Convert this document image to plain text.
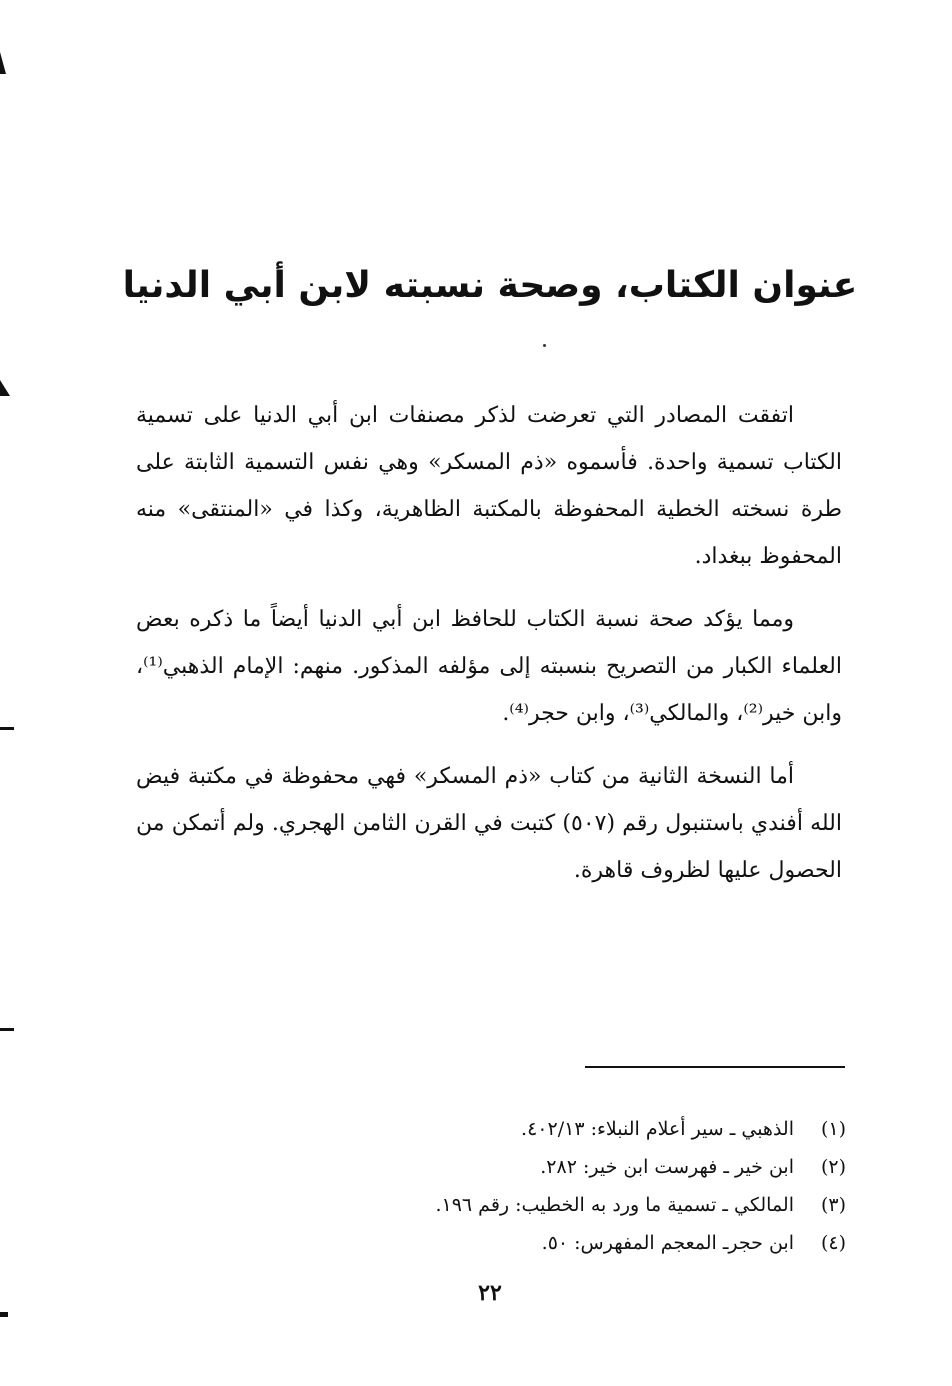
عنوان الكتاب، وصحة نسبته لابن أبي الدنيا

اتفقت المصادر التي تعرضت لذكر مصنفات ابن أبي الدنيا على تسمية الكتاب تسمية واحدة. فأسموه «ذم المسكر» وهي نفس التسمية الثابتة على طرة نسخته الخطية المحفوظة بالمكتبة الظاهرية، وكذا في «المنتقى» منه المحفوظ ببغداد.

ومما يؤكد صحة نسبة الكتاب للحافظ ابن أبي الدنيا أيضاً ما ذكره بعض العلماء الكبار من التصريح بنسبته إلى مؤلفه المذكور. منهم: الإمام الذهبي⁽¹⁾، وابن خير⁽²⁾، والمالكي⁽³⁾، وابن حجر⁽⁴⁾.

أما النسخة الثانية من كتاب «ذم المسكر» فهي محفوظة في مكتبة فيض الله أفندي باستنبول رقم (٥٠٧) كتبت في القرن الثامن الهجري. ولم أتمكن من الحصول عليها لظروف قاهرة.

(١)
الذهبي ـ سير أعلام النبلاء: ٤٠٢/١٣.
(٢)
ابن خير ـ فهرست ابن خير: ٢٨٢.
(٣)
المالكي ـ تسمية ما ورد به الخطيب: رقم ١٩٦.
(٤)
ابن حجرـ المعجم المفهرس: ٥٠.
٢٢
